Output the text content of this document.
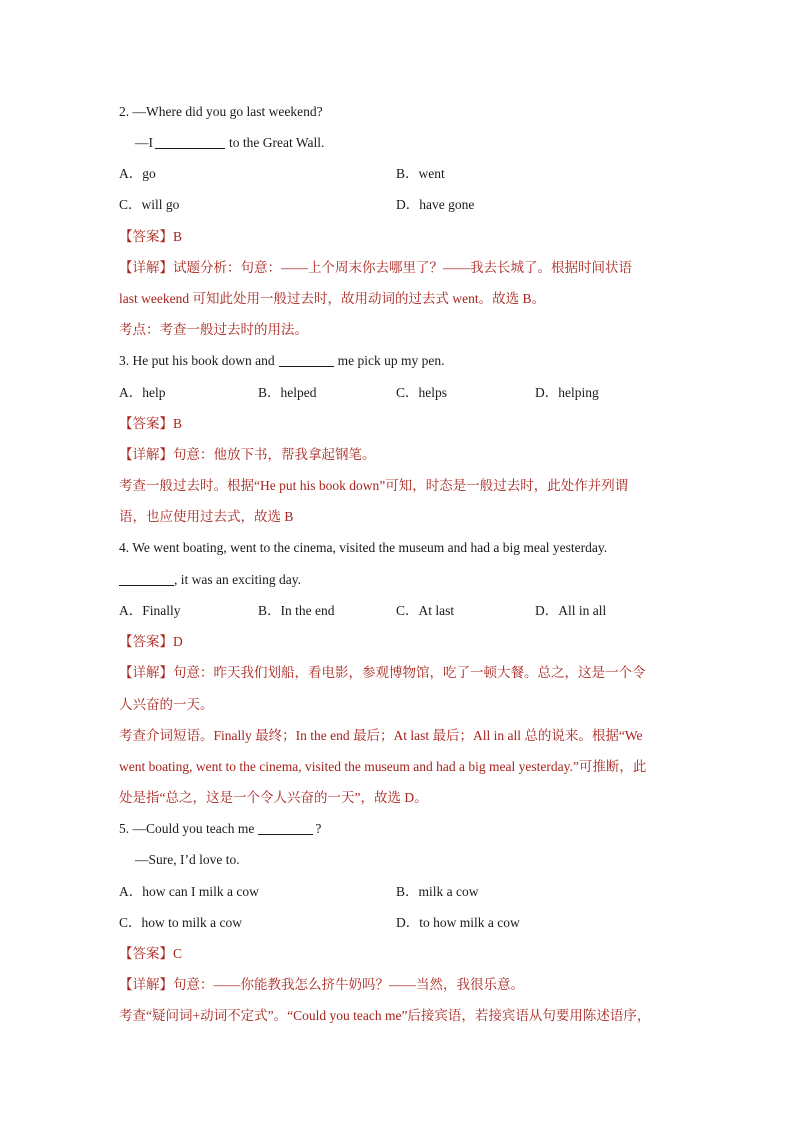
2. —Where did you go last weekend?
—I	to the Great Wall.
A．go	B．went
C．will go	D．have gone
【答案】B
【详解】试题分析：句意：——上个周末你去哪里了？——我去长城了。根据时间状语
last weekend 可知此处用一般过去时，故用动词的过去式 went。故选 B。
考点：考查一般过去时的用法。
3. He put his book down and	me pick up my pen.
A．help	B．helped	C．helps	D．helping
【答案】B
【详解】句意：他放下书，帮我拿起钢笔。
考查一般过去时。根据“He put his book down”可知，时态是一般过去时，此处作并列谓
语，也应使用过去式，故选 B
4. We went boating, went to the cinema, visited the museum and had a big meal yesterday.
, it was an exciting day.
A．Finally	B．In the end	C．At last	D．All in all
【答案】D
【详解】句意：昨天我们划船，看电影，参观博物馆，吃了一顿大餐。总之，这是一个令
人兴奋的一天。
考查介词短语。Finally 最终；In the end 最后；At last 最后；All in all 总的说来。根据“We
went boating, went to the cinema, visited the museum and had a big meal yesterday.”可推断，此
处是指“总之，这是一个令人兴奋的一天”，故选 D。
5. —Could you teach me	?
—Sure, I’d love to.
A．how can I milk a cow	B．milk a cow
C．how to milk a cow	D．to how milk a cow
【答案】C
【详解】句意：——你能教我怎么挤牛奶吗？——当然，我很乐意。
考查“疑问词+动词不定式”。“Could you teach me”后接宾语，若接宾语从句要用陈述语序，
